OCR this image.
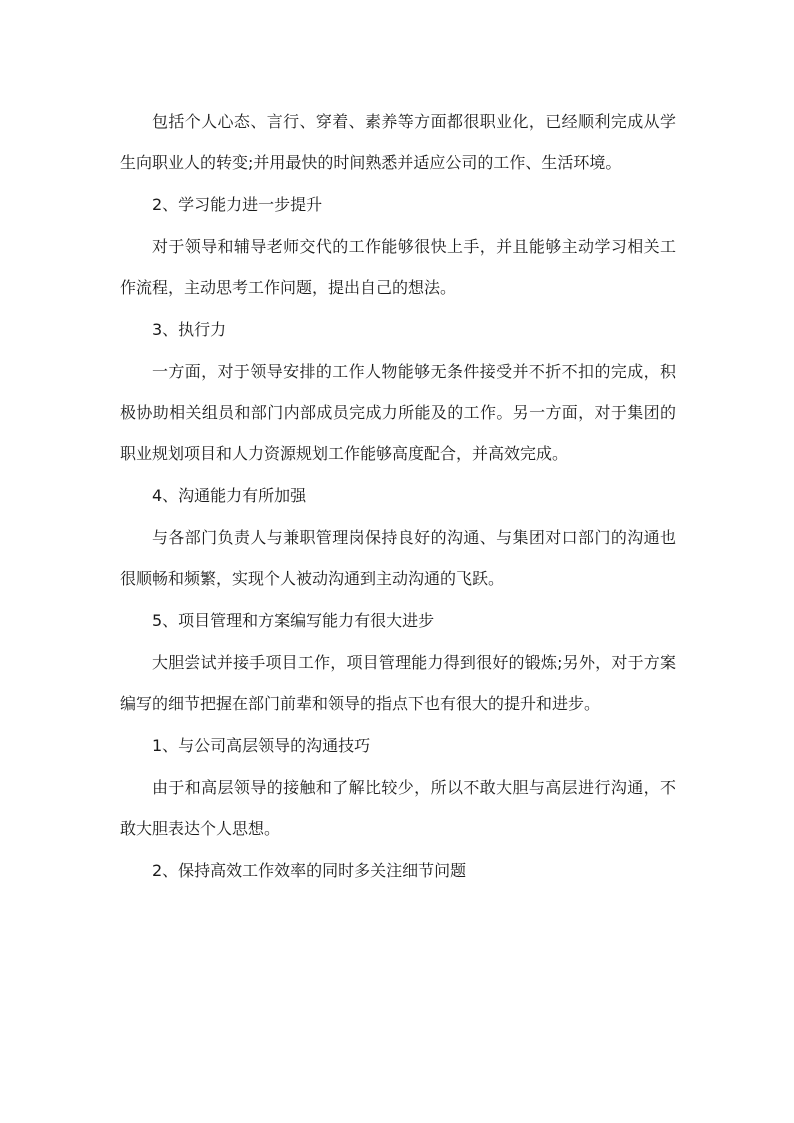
包括个人心态、言行、穿着、素养等方面都很职业化，已经顺利完成从学生向职业人的转变;并用最快的时间熟悉并适应公司的工作、生活环境。

2、学习能力进一步提升

对于领导和辅导老师交代的工作能够很快上手，并且能够主动学习相关工作流程，主动思考工作问题，提出自己的想法。

3、执行力

一方面，对于领导安排的工作人物能够无条件接受并不折不扣的完成，积极协助相关组员和部门内部成员完成力所能及的工作。另一方面，对于集团的职业规划项目和人力资源规划工作能够高度配合，并高效完成。

4、沟通能力有所加强

与各部门负责人与兼职管理岗保持良好的沟通、与集团对口部门的沟通也很顺畅和频繁，实现个人被动沟通到主动沟通的飞跃。

5、项目管理和方案编写能力有很大进步

大胆尝试并接手项目工作，项目管理能力得到很好的锻炼;另外，对于方案编写的细节把握在部门前辈和领导的指点下也有很大的提升和进步。

1、与公司高层领导的沟通技巧

由于和高层领导的接触和了解比较少，所以不敢大胆与高层进行沟通，不敢大胆表达个人思想。

2、保持高效工作效率的同时多关注细节问题
